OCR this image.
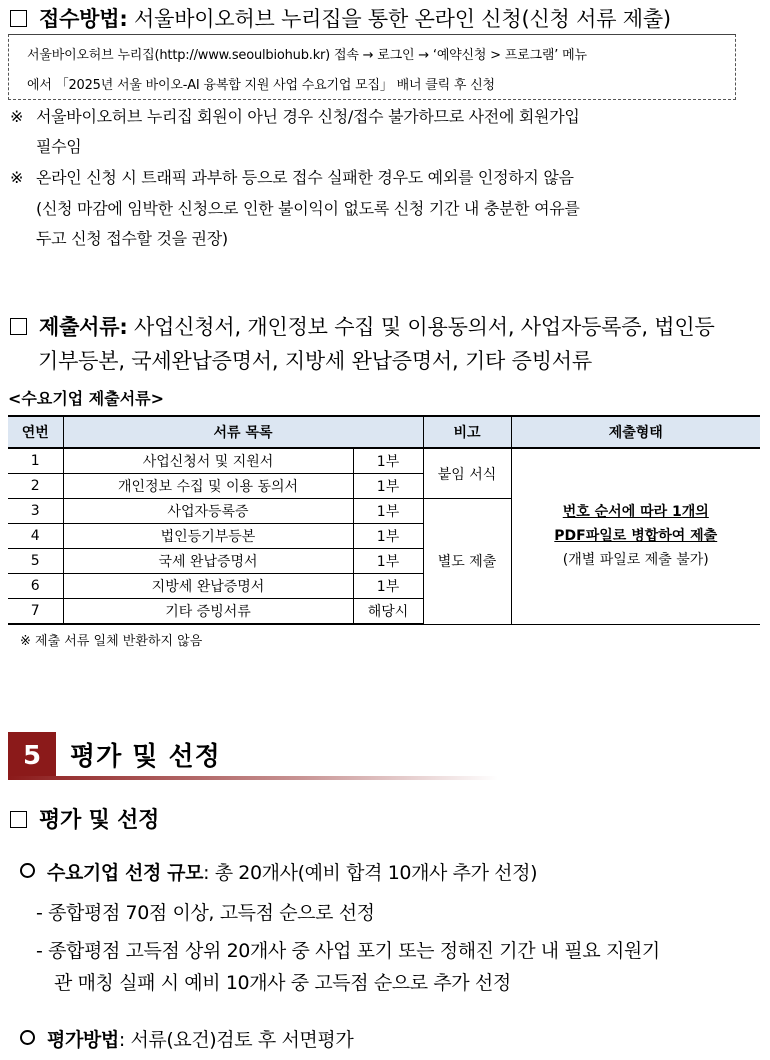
접수방법: 서울바이오허브 누리집을 통한 온라인 신청(신청 서류 제출)
서울바이오허브 누리집(http://www.seoulbiohub.kr) 접속 → 로그인 → ‘예약신청 > 프로그램’ 메뉴
에서 「2025년 서울 바이오-AI 융복합 지원 사업 수요기업 모집」 배너 클릭 후 신청
※ 서울바이오허브 누리집 회원이 아닌 경우 신청/접수 불가하므로 사전에 회원가입
필수임
※ 온라인 신청 시 트래픽 과부하 등으로 접수 실패한 경우도 예외를 인정하지 않음
(신청 마감에 임박한 신청으로 인한 불이익이 없도록 신청 기간 내 충분한 여유를
두고 신청 접수할 것을 권장)
제출서류: 사업신청서, 개인정보 수집 및 이용동의서, 사업자등록증, 법인등
기부등본, 국세완납증명서, 지방세 완납증명서, 기타 증빙서류
<수요기업 제출서류>
연번	서류 목록		비고	제출형태
1	사업신청서 및 지원서	1부	붙임 서식	번호 순서에 따라 1개의
PDF파일로 병합하여 제출
(개별 파일로 제출 불가)

2	개인정보 수집 및 이용 동의서	1부		
3	사업자등록증	1부	별도 제출	
4	법인등기부등본	1부		
5	국세 완납증명서	1부		
6	지방세 완납증명서	1부		
7	기타 증빙서류	해당시		
※ 제출 서류 일체 반환하지 않음
5	평가 및 선정
평가 및 선정
수요기업 선정 규모: 총 20개사(예비 합격 10개사 추가 선정)
- 종합평점 70점 이상, 고득점 순으로 선정
- 종합평점 고득점 상위 20개사 중 사업 포기 또는 정해진 기간 내 필요 지원기
관 매칭 실패 시 예비 10개사 중 고득점 순으로 추가 선정
평가방법: 서류(요건)검토 후 서면평가
